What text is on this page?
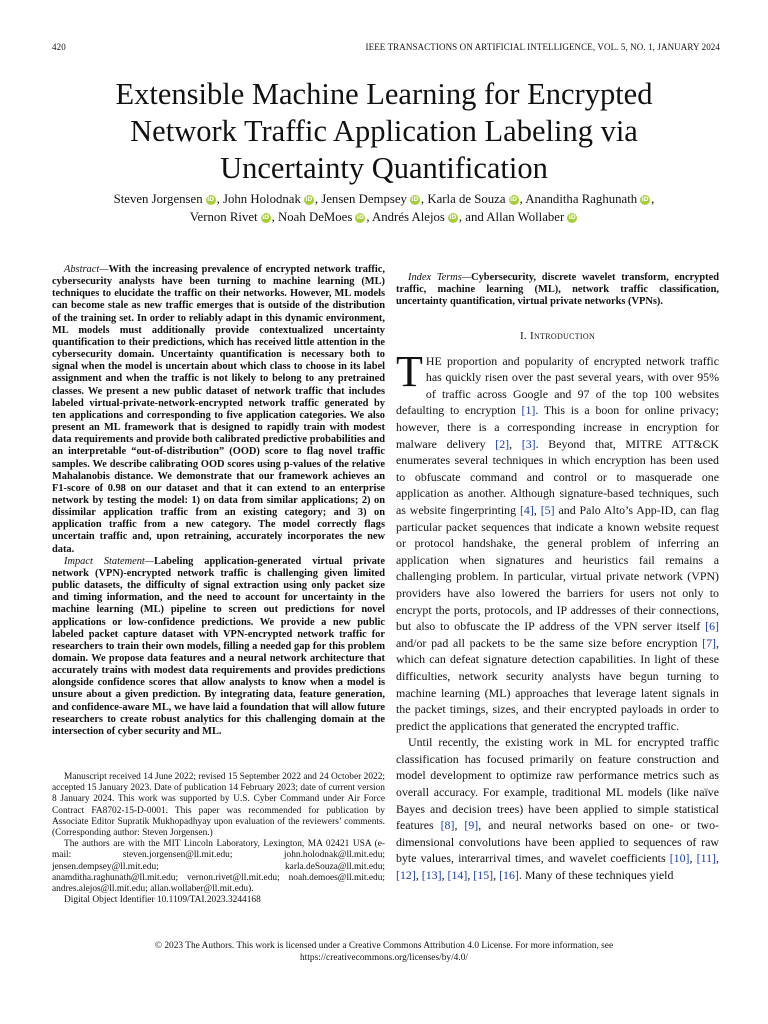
420	IEEE TRANSACTIONS ON ARTIFICIAL INTELLIGENCE, VOL. 5, NO. 1, JANUARY 2024
Extensible Machine Learning for Encrypted Network Traffic Application Labeling via Uncertainty Quantification
Steven Jorgensen iD , John Holodnak iD , Jensen Dempsey iD , Karla de Souza iD , Ananditha Raghunath iD ,
Vernon Rivet iD , Noah DeMoes iD , Andrés Alejos iD , and Allan Wollaber iD

Abstract—With the increasing prevalence of encrypted network traffic, cybersecurity analysts have been turning to machine learning (ML) techniques to elucidate the traffic on their networks. However, ML models can become stale as new traffic emerges that is outside of the distribution of the training set. In order to reliably adapt in this dynamic environment, ML models must additionally provide contextualized uncertainty quantification to their predictions, which has received little attention in the cybersecurity domain. Uncertainty quantification is necessary both to signal when the model is uncertain about which class to choose in its label assignment and when the traffic is not likely to belong to any pretrained classes. We present a new public dataset of network traffic that includes labeled virtual-private-network-encrypted network traffic generated by ten applications and corresponding to five application categories. We also present an ML framework that is designed to rapidly train with modest data requirements and provide both calibrated predictive probabilities and an interpretable “out-of-distribution” (OOD) score to flag novel traffic samples. We describe calibrating OOD scores using p-values of the relative Mahalanobis distance. We demonstrate that our framework achieves an F1-score of 0.98 on our dataset and that it can extend to an enterprise network by testing the model: 1) on data from similar applications; 2) on dissimilar application traffic from an existing category; and 3) on application traffic from a new category. The model correctly flags uncertain traffic and, upon retraining, accurately incorporates the new data.

Impact Statement—Labeling application-generated virtual private network (VPN)-encrypted network traffic is challenging given limited public datasets, the difficulty of signal extraction using only packet size and timing information, and the need to account for uncertainty in the machine learning (ML) pipeline to screen out predictions for novel applications or low-confidence predictions. We provide a new public labeled packet capture dataset with VPN-encrypted network traffic for researchers to train their own models, filling a needed gap for this problem domain. We propose data features and a neural network architecture that accurately trains with modest data requirements and provides predictions alongside confidence scores that allow analysts to know when a model is unsure about a given prediction. By integrating data, feature generation, and confidence-aware ML, we have laid a foundation that will allow future researchers to create robust analytics for this challenging domain at the intersection of cyber security and ML.

Index Terms—Cybersecurity, discrete wavelet transform, encrypted traffic, machine learning (ML), network traffic classification, uncertainty quantification, virtual private networks (VPNs).

I. Introduction

THE proportion and popularity of encrypted network traffic has quickly risen over the past several years, with over 95% of traffic across Google and 97 of the top 100 websites defaulting to encryption [1]. This is a boon for online privacy; however, there is a corresponding increase in encryption for malware delivery [2], [3]. Beyond that, MITRE ATT&CK enumerates several techniques in which encryption has been used to obfuscate command and control or to masquerade one application as another. Although signature-based techniques, such as website fingerprinting [4], [5] and Palo Alto’s App-ID, can flag particular packet sequences that indicate a known website request or protocol handshake, the general problem of inferring an application when signatures and heuristics fail remains a challenging problem. In particular, virtual private network (VPN) providers have also lowered the barriers for users not only to encrypt the ports, protocols, and IP addresses of their connections, but also to obfuscate the IP address of the VPN server itself [6] and/or pad all packets to be the same size before encryption [7], which can defeat signature detection capabilities. In light of these difficulties, network security analysts have begun turning to machine learning (ML) approaches that leverage latent signals in the packet timings, sizes, and their encrypted payloads in order to predict the applications that generated the encrypted traffic.

Until recently, the existing work in ML for encrypted traffic classification has focused primarily on feature construction and model development to optimize raw performance metrics such as overall accuracy. For example, traditional ML models (like naïve Bayes and decision trees) have been applied to simple statistical features [8], [9], and neural networks based on one- or two-dimensional convolutions have been applied to sequences of raw byte values, interarrival times, and wavelet coefficients [10], [11], [12], [13], [14], [15], [16]. Many of these techniques yield

Manuscript received 14 June 2022; revised 15 September 2022 and 24 October 2022; accepted 15 January 2023. Date of publication 14 February 2023; date of current version 8 January 2024. This work was supported by U.S. Cyber Command under Air Force Contract FA8702-15-D-0001. This paper was recommended for publication by Associate Editor Supratik Mukhopadhyay upon evaluation of the reviewers’ comments. (Corresponding author: Steven Jorgensen.)

The authors are with the MIT Lincoln Laboratory, Lexington, MA 02421 USA (e-mail: steven.jorgensen@ll.mit.edu; john.holodnak@ll.mit.edu; jensen.dempsey@ll.mit.edu; karla.deSouza@ll.mit.edu; anamditha.raghunath@ll.mit.edu; vernon.rivet@ll.mit.edu; noah.demoes@ll.mit.edu; andres.alejos@ll.mit.edu; allan.wollaber@ll.mit.edu).

Digital Object Identifier 10.1109/TAI.2023.3244168

© 2023 The Authors. This work is licensed under a Creative Commons Attribution 4.0 License. For more information, see
https://creativecommons.org/licenses/by/4.0/
